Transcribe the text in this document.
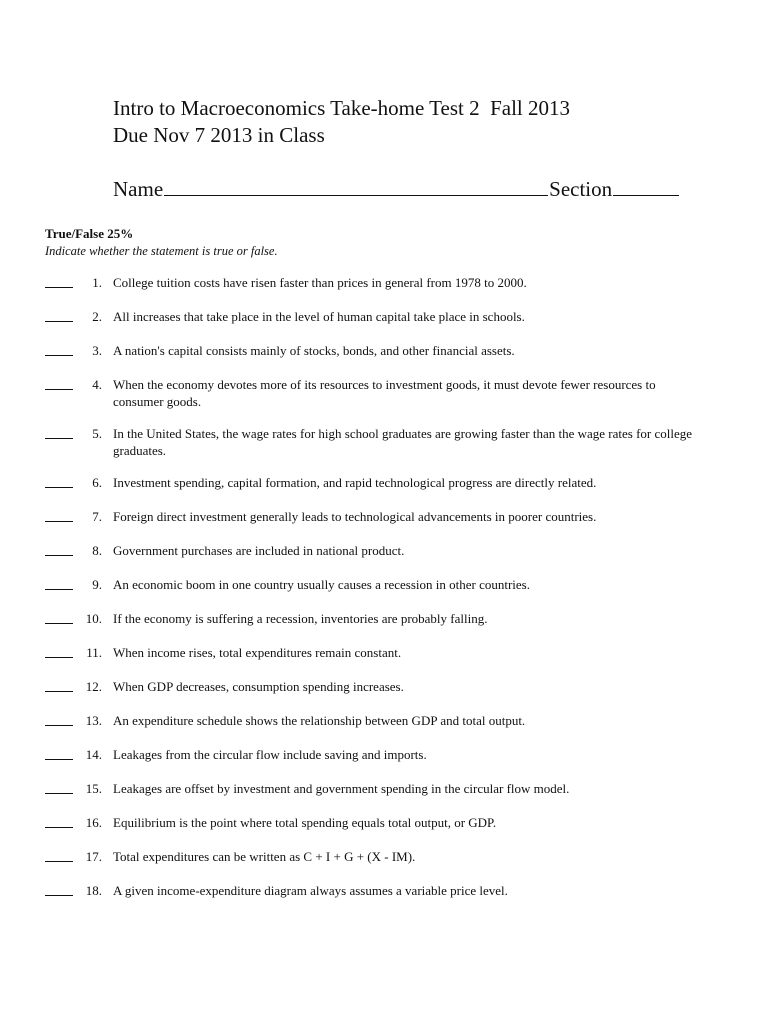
Intro to Macroeconomics Take-home Test 2  Fall 2013
Due Nov 7 2013 in Class
Name	Section
True/False 25%
Indicate whether the statement is true or false.
1. College tuition costs have risen faster than prices in general from 1978 to 2000.
2. All increases that take place in the level of human capital take place in schools.
3. A nation's capital consists mainly of stocks, bonds, and other financial assets.
4. When the economy devotes more of its resources to investment goods, it must devote fewer resources to consumer goods.
5. In the United States, the wage rates for high school graduates are growing faster than the wage rates for college graduates.
6. Investment spending, capital formation, and rapid technological progress are directly related.
7. Foreign direct investment generally leads to technological advancements in poorer countries.
8. Government purchases are included in national product.
9. An economic boom in one country usually causes a recession in other countries.
10. If the economy is suffering a recession, inventories are probably falling.
11. When income rises, total expenditures remain constant.
12. When GDP decreases, consumption spending increases.
13. An expenditure schedule shows the relationship between GDP and total output.
14. Leakages from the circular flow include saving and imports.
15. Leakages are offset by investment and government spending in the circular flow model.
16. Equilibrium is the point where total spending equals total output, or GDP.
17. Total expenditures can be written as C + I + G + (X - IM).
18. A given income-expenditure diagram always assumes a variable price level.
